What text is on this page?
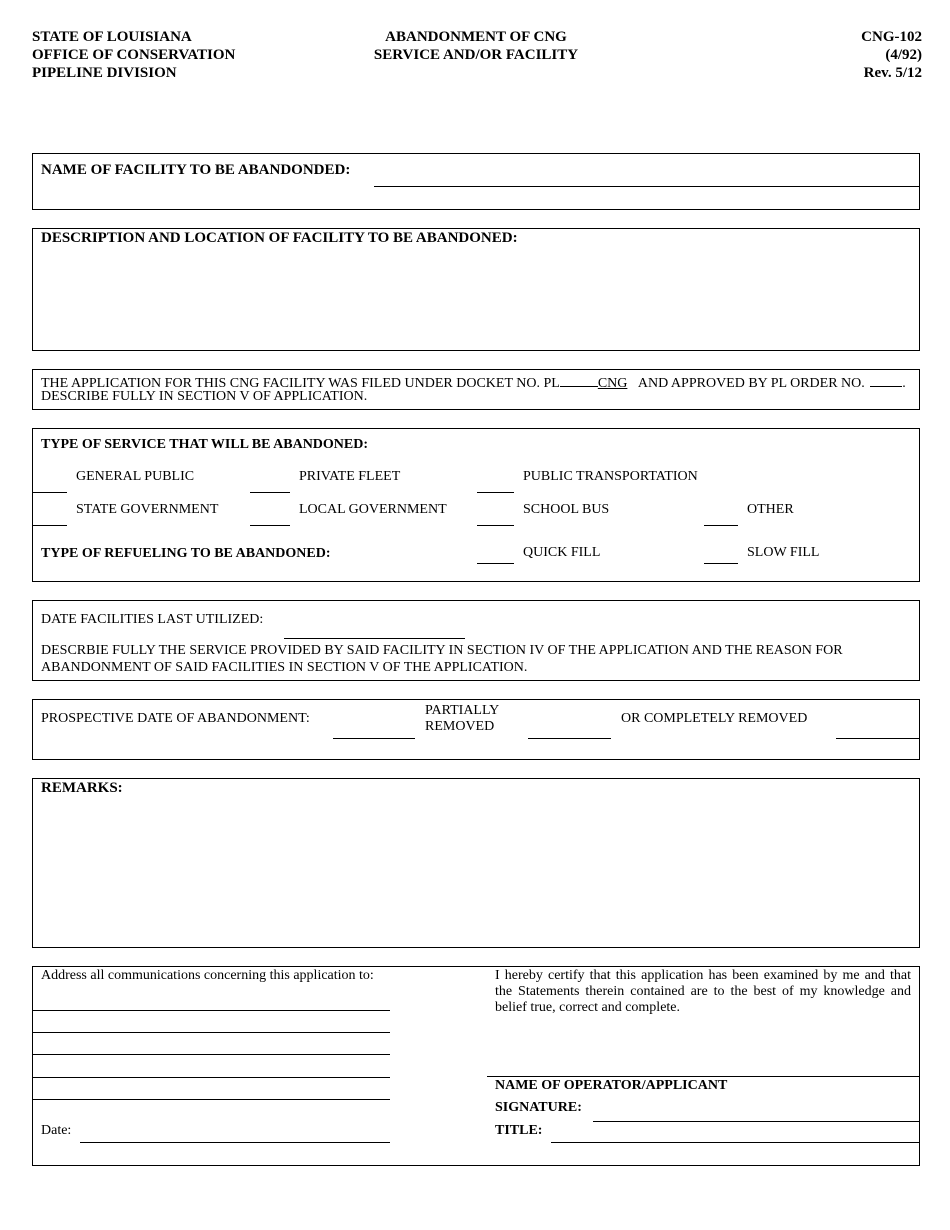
STATE OF LOUISIANA
OFFICE OF CONSERVATION
PIPELINE DIVISION
ABANDONMENT OF CNG
SERVICE AND/OR FACILITY
CNG-102
(4/92)
Rev. 5/12
NAME OF FACILITY TO BE ABANDONDED:
DESCRIPTION AND LOCATION OF FACILITY TO BE ABANDONED:
THE APPLICATION FOR THIS CNG FACILITY WAS FILED UNDER DOCKET NO. PL	CNG AND APPROVED BY PL ORDER NO.	.
DESCRIBE FULLY IN SECTION V OF APPLICATION.
TYPE OF SERVICE THAT WILL BE ABANDONED:
GENERAL PUBLIC	PRIVATE FLEET	PUBLIC TRANSPORTATION
STATE GOVERNMENT	LOCAL GOVERNMENT	SCHOOL BUS	OTHER
TYPE OF REFUELING TO BE ABANDONED:	QUICK FILL	SLOW FILL
DATE FACILITIES LAST UTILIZED:
DESCRBIE FULLY THE SERVICE PROVIDED BY SAID FACILITY IN SECTION IV OF THE APPLICATION AND THE REASON FOR
ABANDONMENT OF SAID FACILITIES IN SECTION V OF THE APPLICATION.
PROSPECTIVE DATE OF ABANDONMENT:
PARTIALLY
REMOVED
OR COMPLETELY REMOVED
REMARKS:
Address all communications concerning this application to:
Date:
I hereby certify that this application has been examined by me and that the Statements therein contained are to the best of my knowledge and belief true, correct and complete.
NAME OF OPERATOR/APPLICANT
SIGNATURE:
TITLE:
